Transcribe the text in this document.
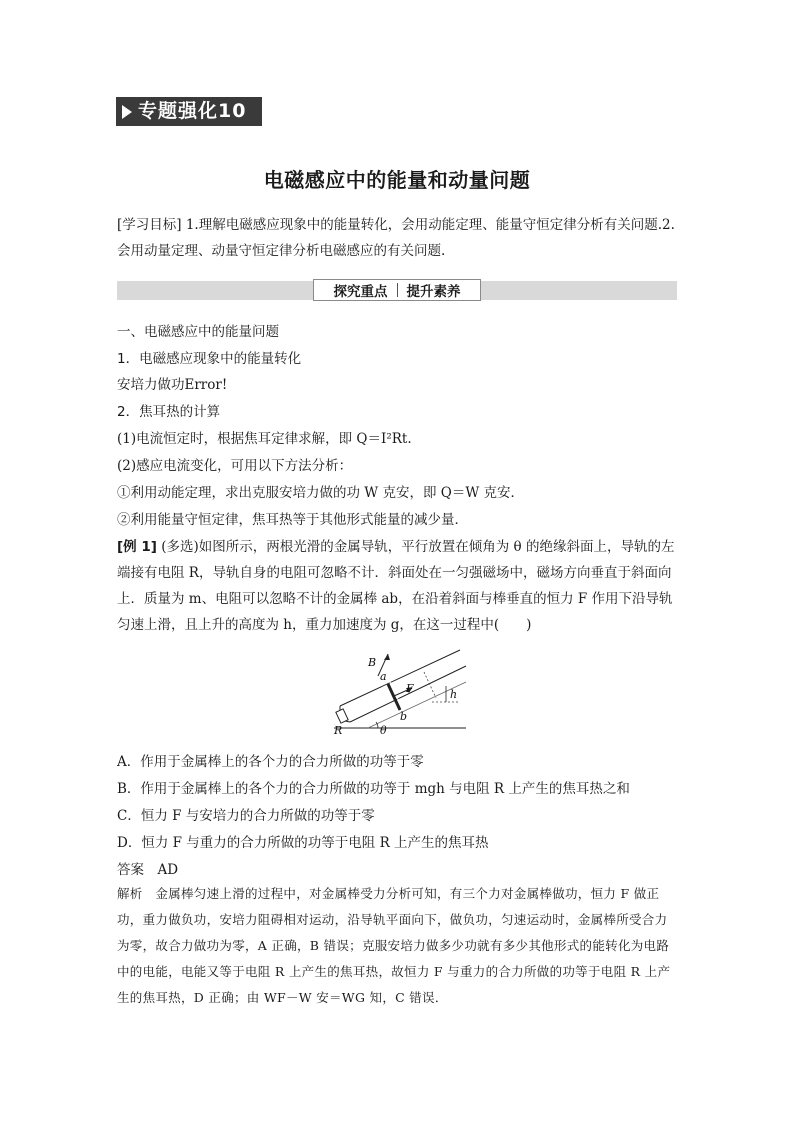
专题强化10
电磁感应中的能量和动量问题
[学习目标] 1.理解电磁感应现象中的能量转化，会用动能定理、能量守恒定律分析有关问题.2.会用动量定理、动量守恒定律分析电磁感应的有关问题.
探究重点 提升素养
一、电磁感应中的能量问题
1．电磁感应现象中的能量转化
安培力做功Error!
2．焦耳热的计算
(1)电流恒定时，根据焦耳定律求解，即 Q＝I²Rt.
(2)感应电流变化，可用以下方法分析：
①利用动能定理，求出克服安培力做的功 W 克安，即 Q＝W 克安．
②利用能量守恒定律，焦耳热等于其他形式能量的减少量．
[例 1] (多选)如图所示，两根光滑的金属导轨，平行放置在倾角为 θ 的绝缘斜面上，导轨的左端接有电阻 R，导轨自身的电阻可忽略不计．斜面处在一匀强磁场中，磁场方向垂直于斜面向上．质量为 m、电阻可以忽略不计的金属棒 ab，在沿着斜面与棒垂直的恒力 F 作用下沿导轨匀速上滑，且上升的高度为 h，重力加速度为 g，在这一过程中(　　)
B
a
F	h
R
b
θ
A．作用于金属棒上的各个力的合力所做的功等于零
B．作用于金属棒上的各个力的合力所做的功等于 mgh 与电阻 R 上产生的焦耳热之和
C．恒力 F 与安培力的合力所做的功等于零
D．恒力 F 与重力的合力所做的功等于电阻 R 上产生的焦耳热
答案　AD
解析　金属棒匀速上滑的过程中，对金属棒受力分析可知，有三个力对金属棒做功，恒力 F 做正功，重力做负功，安培力阻碍相对运动，沿导轨平面向下，做负功，匀速运动时，金属棒所受合力为零，故合力做功为零，A 正确，B 错误；克服安培力做多少功就有多少其他形式的能转化为电路中的电能，电能又等于电阻 R 上产生的焦耳热，故恒力 F 与重力的合力所做的功等于电阻 R 上产生的焦耳热，D 正确；由 WF－W 安＝WG 知，C 错误．
